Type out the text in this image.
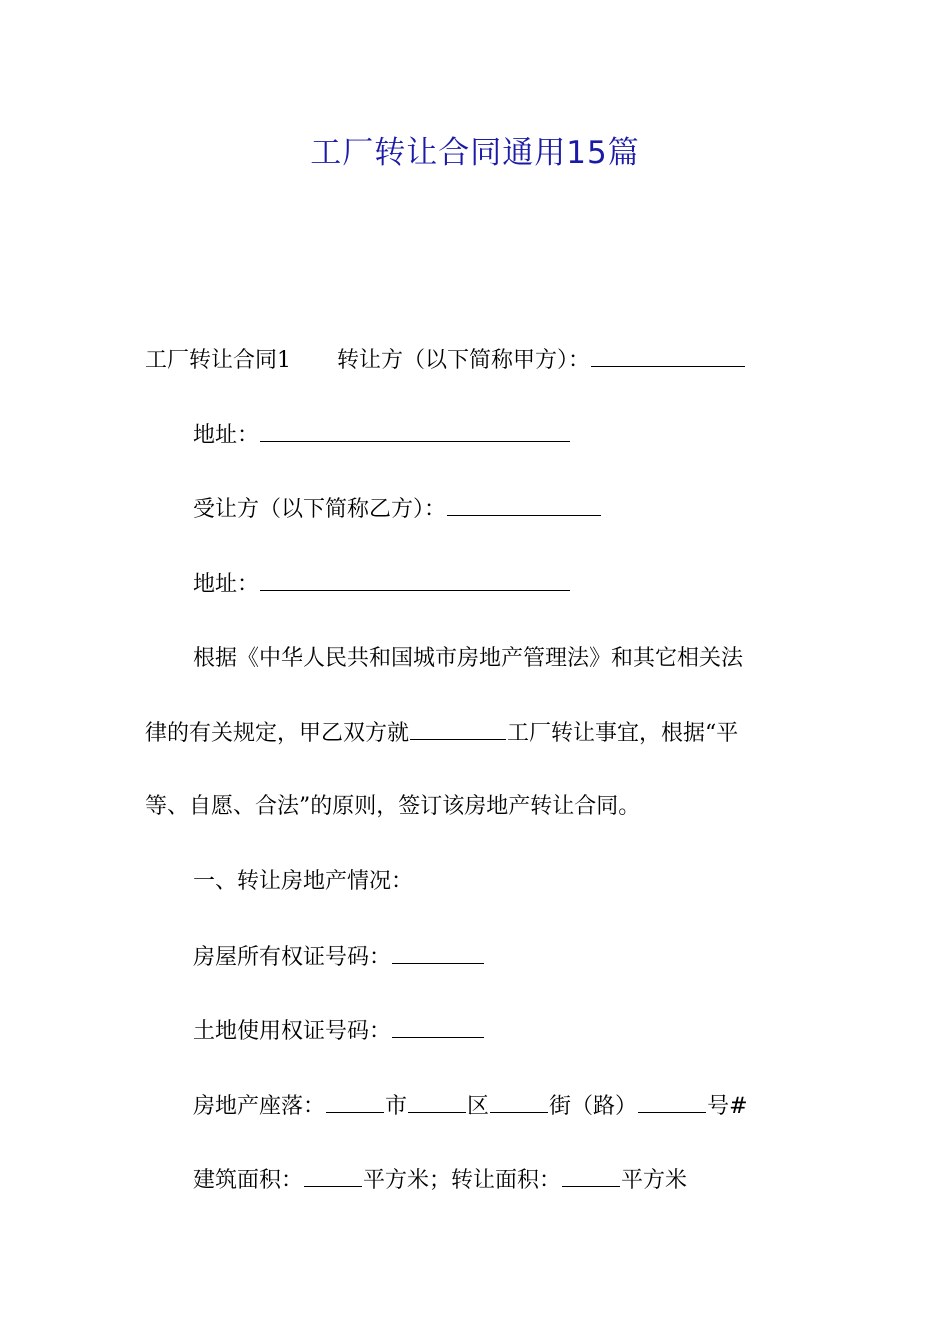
工厂转让合同通用15篇
工厂转让合同1 转让方（以下简称甲方）：
地址：
受让方（以下简称乙方）：
地址：
根据《中华人民共和国城市房地产管理法》和其它相关法
律的有关规定，甲乙双方就	工厂转让事宜，根据“平
等、自愿、合法”的原则，签订该房地产转让合同。
一、转让房地产情况：
房屋所有权证号码：
土地使用权证号码：
房地产座落：	市	区	街（路）	号#
建筑面积：	平方米；转让面积：	平方米
